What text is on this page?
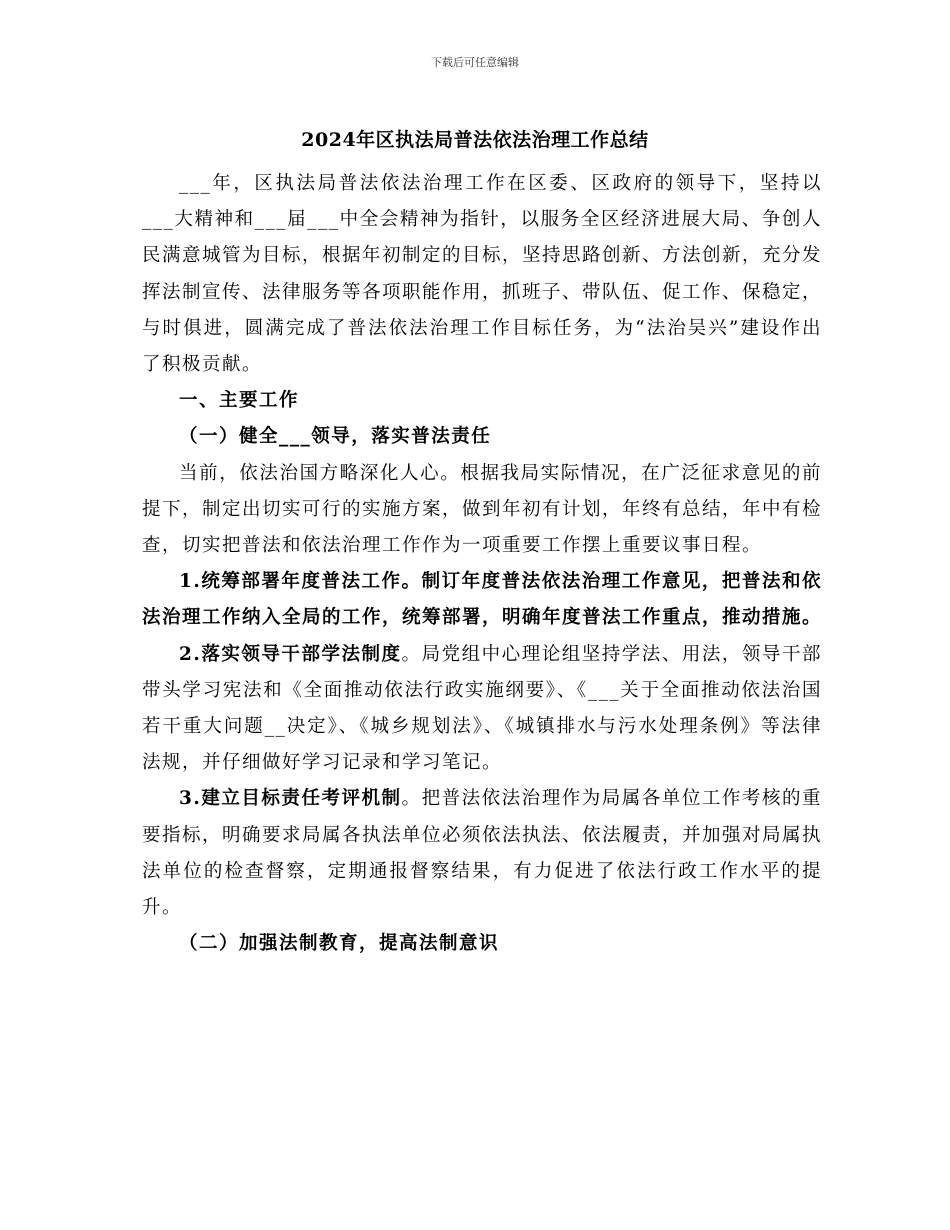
下载后可任意编辑
2024年区执法局普法依法治理工作总结

___年，区执法局普法依法治理工作在区委、区政府的领导下，坚持以___大精神和___届___中全会精神为指针，以服务全区经济进展大局、争创人民满意城管为目标，根据年初制定的目标，坚持思路创新、方法创新，充分发挥法制宣传、法律服务等各项职能作用，抓班子、带队伍、促工作、保稳定，与时俱进，圆满完成了普法依法治理工作目标任务，为“法治吴兴”建设作出了积极贡献。

一、主要工作

（一）健全___领导，落实普法责任

当前，依法治国方略深化人心。根据我局实际情况，在广泛征求意见的前提下，制定出切实可行的实施方案，做到年初有计划，年终有总结，年中有检查，切实把普法和依法治理工作作为一项重要工作摆上重要议事日程。

1.统筹部署年度普法工作。制订年度普法依法治理工作意见，把普法和依法治理工作纳入全局的工作，统筹部署，明确年度普法工作重点，推动措施。

2.落实领导干部学法制度。局党组中心理论组坚持学法、用法，领导干部带头学习宪法和《全面推动依法行政实施纲要》、《___关于全面推动依法治国若干重大问题__决定》、《城乡规划法》、《城镇排水与污水处理条例》等法律法规，并仔细做好学习记录和学习笔记。

3.建立目标责任考评机制。把普法依法治理作为局属各单位工作考核的重要指标，明确要求局属各执法单位必须依法执法、依法履责，并加强对局属执法单位的检查督察，定期通报督察结果，有力促进了依法行政工作水平的提升。

（二）加强法制教育，提高法制意识
